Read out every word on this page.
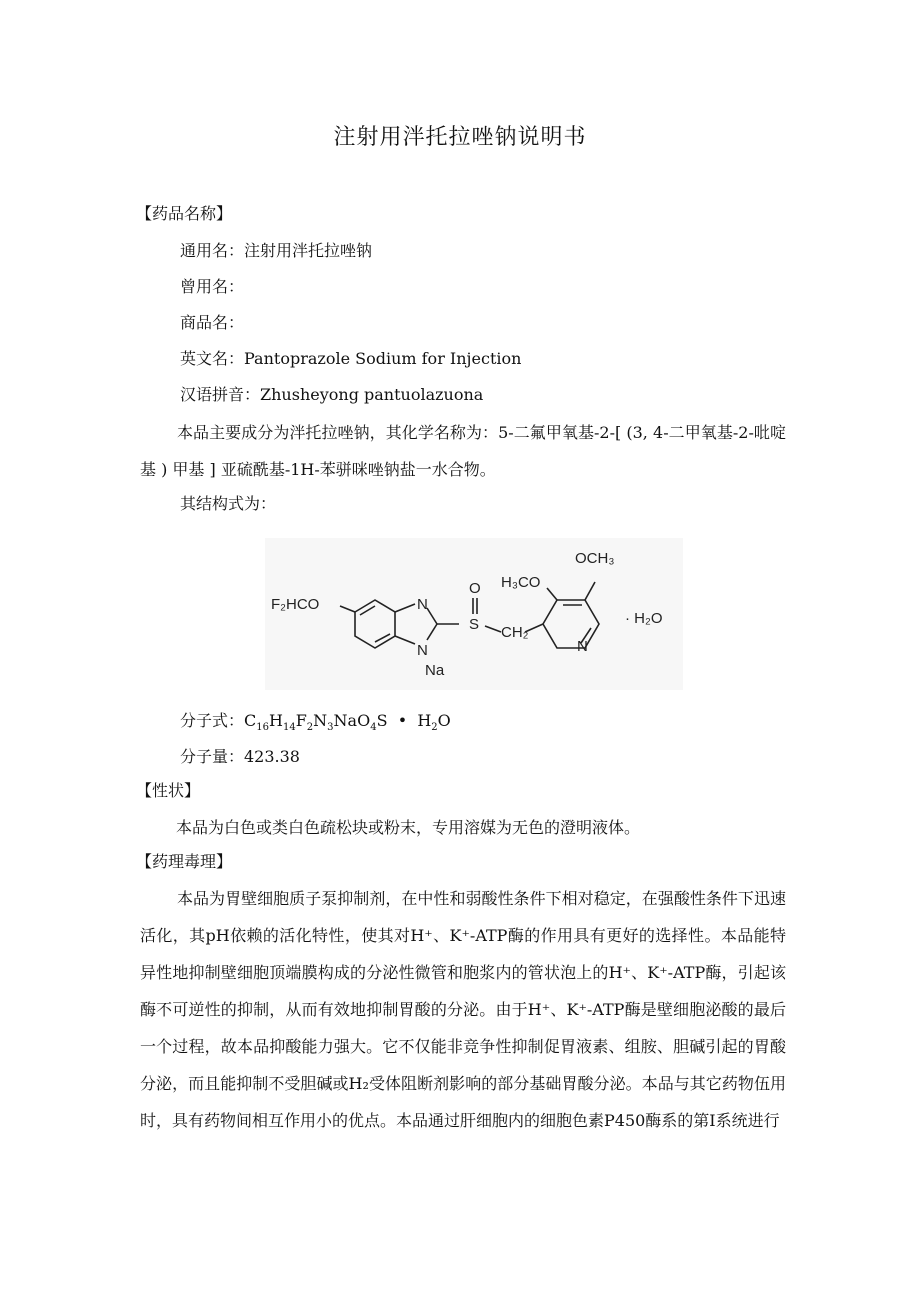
注射用泮托拉唑钠说明书
【药品名称】
通用名：注射用泮托拉唑钠
曾用名：
商品名：
英文名：Pantoprazole Sodium for Injection
汉语拼音：Zhusheyong pantuolazuona
本品主要成分为泮托拉唑钠，其化学名称为：5-二氟甲氧基-2-[ (3, 4-二甲氧基-2-吡啶基 ) 甲基 ] 亚硫酰基-1H-苯骈咪唑钠盐一水合物。
其结构式为：
F₂HCO	N
N
Na
O
S CH₂
H₃CO
OCH₃
N
· H₂O
分子式：$C_{16}H_{14}F_2N_3NaO_4S$  •  $H_2O$
分子量：423.38
【性状】
本品为白色或类白色疏松块或粉末，专用溶媒为无色的澄明液体。
【药理毒理】
本品为胃壁细胞质子泵抑制剂，在中性和弱酸性条件下相对稳定，在强酸性条件下迅速活化，其pH依赖的活化特性，使其对H⁺、K⁺-ATP酶的作用具有更好的选择性。本品能特异性地抑制壁细胞顶端膜构成的分泌性微管和胞浆内的管状泡上的H⁺、K⁺-ATP酶，引起该酶不可逆性的抑制，从而有效地抑制胃酸的分泌。由于H⁺、K⁺-ATP酶是壁细胞泌酸的最后一个过程，故本品抑酸能力强大。它不仅能非竞争性抑制促胃液素、组胺、胆碱引起的胃酸分泌，而且能抑制不受胆碱或H₂受体阻断剂影响的部分基础胃酸分泌。本品与其它药物伍用时，具有药物间相互作用小的优点。本品通过肝细胞内的细胞色素P450酶系的第Ⅰ系统进行
